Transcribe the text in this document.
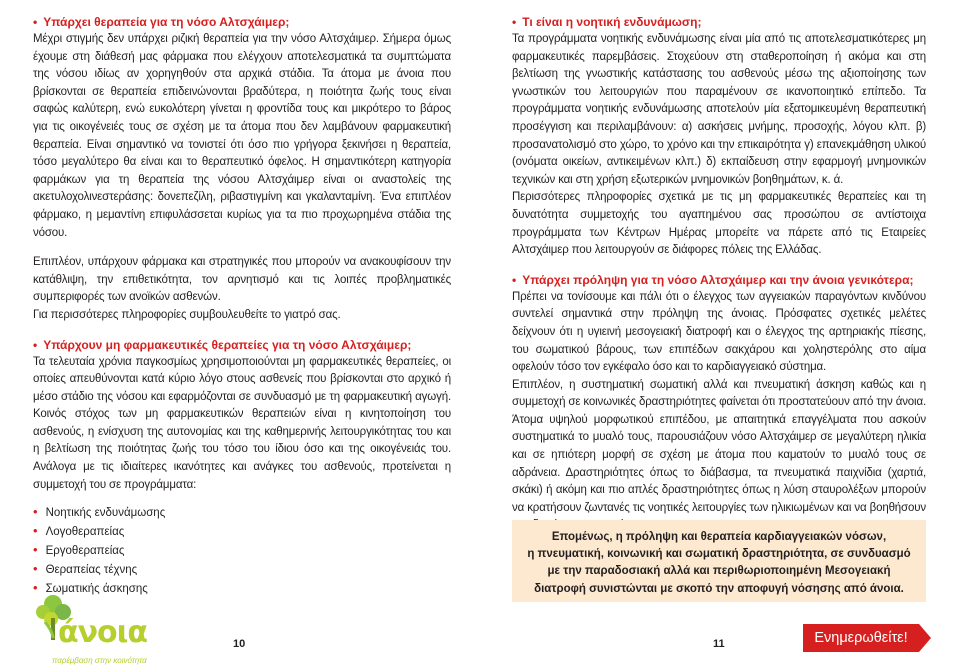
• Υπάρχει θεραπεία για τη νόσο Αλτσχάιμερ;

Μέχρι στιγμής δεν υπάρχει ριζική θεραπεία για την νόσο Αλτσχάιμερ. Σήμερα όμως έχουμε στη διάθεσή μας φάρμακα που ελέγχουν αποτελεσματικά τα συμπτώματα της νόσου ιδίως αν χορηγηθούν στα αρχικά στάδια. Τα άτομα με άνοια που βρίσκονται σε θεραπεία επιδεινώνονται βραδύτερα, η ποιότητα ζωής τους είναι σαφώς καλύτερη, ενώ ευκολότερη γίνεται η φροντίδα τους και μικρότερο το βάρος για τις οικογένειές τους σε σχέση με τα άτομα που δεν λαμβάνουν φαρμακευτική θεραπεία. Είναι σημαντικό να τονιστεί ότι όσο πιο γρήγορα ξεκινήσει η θεραπεία, τόσο μεγαλύτερο θα είναι και το θεραπευτικό όφελος. Η σημαντικότερη κατηγορία φαρμάκων για τη θεραπεία της νόσου Αλτσχάιμερ είναι οι αναστολείς της ακετυλοχολινεστεράσης: δονεπεζίλη, ριβαστιγμίνη και γκαλανταμίνη. Ένα επιπλέον φάρμακο, η μεμαντίνη επιφυλάσσεται κυρίως για τα πιο προχωρημένα στάδια της νόσου.

Επιπλέον, υπάρχουν φάρμακα και στρατηγικές που μπορούν να ανακουφίσουν την κατάθλιψη, την επιθετικότητα, τον αρνητισμό και τις λοιπές προβληματικές συμπεριφορές των ανοϊκών ασθενών.

Για περισσότερες πληροφορίες συμβουλευθείτε το γιατρό σας.

• Υπάρχουν μη φαρμακευτικές θεραπείες για τη νόσο Αλτσχάιμερ;

Τα τελευταία χρόνια παγκοσμίως χρησιμοποιούνται μη φαρμακευτικές θεραπείες, οι οποίες απευθύνονται κατά κύριο λόγο στους ασθενείς που βρίσκονται στο αρχικό ή μέσο στάδιο της νόσου και εφαρμόζονται σε συνδυασμό με τη φαρμακευτική αγωγή. Κοινός στόχος των μη φαρμακευτικών θεραπειών είναι η κινητοποίηση του ασθενούς, η ενίσχυση της αυτονομίας και της καθημερινής λειτουργικότητας του και η βελτίωση της ποιότητας ζωής του τόσο του ίδιου όσο και της οικογένειάς του. Ανάλογα με τις ιδιαίτερες ικανότητες και ανάγκες του ασθενούς, προτείνεται η συμμετοχή του σε προγράμματα:

• Νοητικής ενδυνάμωσης
• Λογοθεραπείας
• Εργοθεραπείας
• Θεραπείας τέχνης
• Σωματικής άσκησης

• Τι είναι η νοητική ενδυνάμωση;

Τα προγράμματα νοητικής ενδυνάμωσης είναι μία από τις αποτελεσματικότερες μη φαρμακευτικές παρεμβάσεις. Στοχεύουν στη σταθεροποίηση ή ακόμα και στη βελτίωση της γνωστικής κατάστασης του ασθενούς μέσω της αξιοποίησης των γνωστικών του λειτουργιών που παραμένουν σε ικανοποιητικό επίπεδο. Τα προγράμματα νοητικής ενδυνάμωσης αποτελούν μία εξατομικευμένη θεραπευτική προσέγγιση και περιλαμβάνουν: α) ασκήσεις μνήμης, προσοχής, λόγου κλπ. β) προσανατολισμό στο χώρο, το χρόνο και την επικαιρότητα γ) επανεκμάθηση υλικού (ονόματα οικείων, αντικειμένων κλπ.) δ) εκπαίδευση στην εφαρμογή μνημονικών τεχνικών και στη χρήση εξωτερικών μνημονικών βοηθημάτων, κ. ά.

Περισσότερες πληροφορίες σχετικά με τις μη φαρμακευτικές θεραπείες και τη δυνατότητα συμμετοχής του αγαπημένου σας προσώπου σε αντίστοιχα προγράμματα των Κέντρων Ημέρας μπορείτε να πάρετε από τις Εταιρείες Αλτσχάιμερ που λειτουργούν σε διάφορες πόλεις της Ελλάδας.

• Υπάρχει πρόληψη για τη νόσο Αλτσχάιμερ και την άνοια γενικότερα;

Πρέπει να τονίσουμε και πάλι ότι ο έλεγχος των αγγειακών παραγόντων κινδύνου συντελεί σημαντικά στην πρόληψη της άνοιας. Πρόσφατες σχετικές μελέτες δείχνουν ότι η υγιεινή μεσογειακή διατροφή και ο έλεγχος της αρτηριακής πίεσης, του σωματικού βάρους, των επιπέδων σακχάρου και χοληστερόλης στο αίμα οφελούν τόσο τον εγκέφαλο όσο και το καρδιαγγειακό σύστημα.

Επιπλέον, η συστηματική σωματική αλλά και πνευματική άσκηση καθώς και η συμμετοχή σε κοινωνικές δραστηριότητες φαίνεται ότι προστατεύουν από την άνοια. Άτομα υψηλού μορφωτικού επιπέδου, με απαιτητικά επαγγέλματα που ασκούν συστηματικά το μυαλό τους, παρουσιάζουν νόσο Αλτσχάιμερ σε μεγαλύτερη ηλικία και σε ηπιότερη μορφή σε σχέση με άτομα που καματούν το μυαλό τους σε αδράνεια. Δραστηριότητες όπως το διάβασμα, τα πνευματικά παιχνίδια (χαρτιά, σκάκι) ή ακόμη και πιο απλές δραστηριότητες όπως η λύση σταυρολέξων μπορούν να κρατήσουν ζωντανές τις νοητικές λειτουργίες των ηλικιωμένων και να βοηθήσουν

Επομένως, η πρόληψη και θεραπεία καρδιαγγειακών νόσων,

η πνευματική, κοινωνική και σωματική δραστηριότητα, σε συνδυασμό

με την παραδοσιακή αλλά και περιθωριοποιημένη Μεσογειακή

διατροφή συνιστώνται με σκοπό την αποφυγή νόσησης από άνοια.

10	11	Ενημερωθείτε!
άνοια
παρέμβαση στην κοινότητα
